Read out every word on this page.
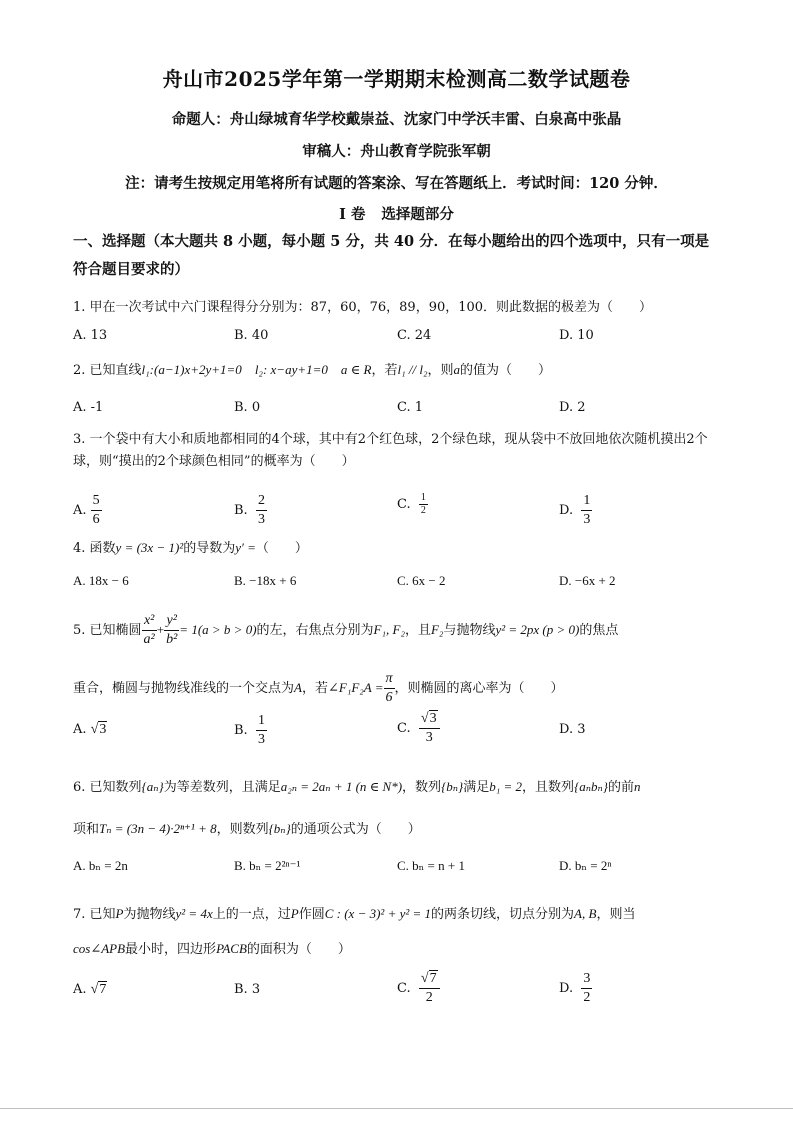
舟山市2025学年第一学期期末检测高二数学试题卷
命题人：舟山绿城育华学校戴崇益、沈家门中学沃丰雷、白泉高中张晶
审稿人：舟山教育学院张军朝
注：请考生按规定用笔将所有试题的答案涂、写在答题纸上．考试时间：120 分钟．
I 卷 选择题部分
一、选择题（本大题共 8 小题，每小题 5 分，共 40 分．在每小题给出的四个选项中，只有一项是符合题目要求的）
1. 甲在一次考试中六门课程得分分别为：87，60，76，89，90，100．则此数据的极差为（　　）
A. 13	B. 40	C. 24	D. 10
2. 已知直线l₁:(a−1)x+2y+1=0　 l₂: x−ay+1=0　 a ∈ R，若l₁ // l₂，则a的值为（　　）
A. -1	B. 0	C. 1	D. 2
3. 一个袋中有大小和质地都相同的4个球，其中有2个红色球，2个绿色球，现从袋中不放回地依次随机摸出2个球，则“摸出的2个球颜色相同”的概率为（　　）
A. $\frac{5}{6}$	B. $\frac{2}{3}$	C. $\frac{1}{2}$	D. $\frac{1}{3}$
4. 函数y = (3x − 1)²的导数为y′ =（　　）
A. 18x − 6	B. −18x + 6	C. 6x − 2	D. −6x + 2
5. 已知椭圆 $\frac{\text{x²}}{\text{a²}} + \frac{\text{y²}}{\text{b²}} = 1(a > b > 0)$的左，右焦点分别为F₁, F₂，且F₂与抛物线y² = 2px (p > 0)的焦点
重合，椭圆与抛物线准线的一个交点为A，若∠F₁F₂A = $\frac{\pi}{6}$ ，则椭圆的离心率为（　　）
A. √3	B. $\frac{1}{3}$	C. $\frac{√3}{3}$	D. 3
6. 已知数列{aₙ}为等差数列，且满足a₂ₙ = 2aₙ + 1 (n ∈ N*)，数列{bₙ}满足b₁ = 2，且数列{aₙbₙ}的前n
项和Tₙ = (3n − 4)·2ⁿ⁺¹ + 8，则数列{bₙ}的通项公式为（　　）
A. bₙ = 2n	B. bₙ = 2²ⁿ⁻¹	C. bₙ = n + 1	D. bₙ = 2ⁿ
7. 已知P为抛物线y² = 4x上的一点，过P作圆C : (x − 3)² + y² = 1的两条切线，切点分别为A, B，则当
cos∠APB最小时，四边形PACB的面积为（　　）
A. √7	B. 3	C. $\frac{√7}{2}$	D. $\frac{3}{2}$
